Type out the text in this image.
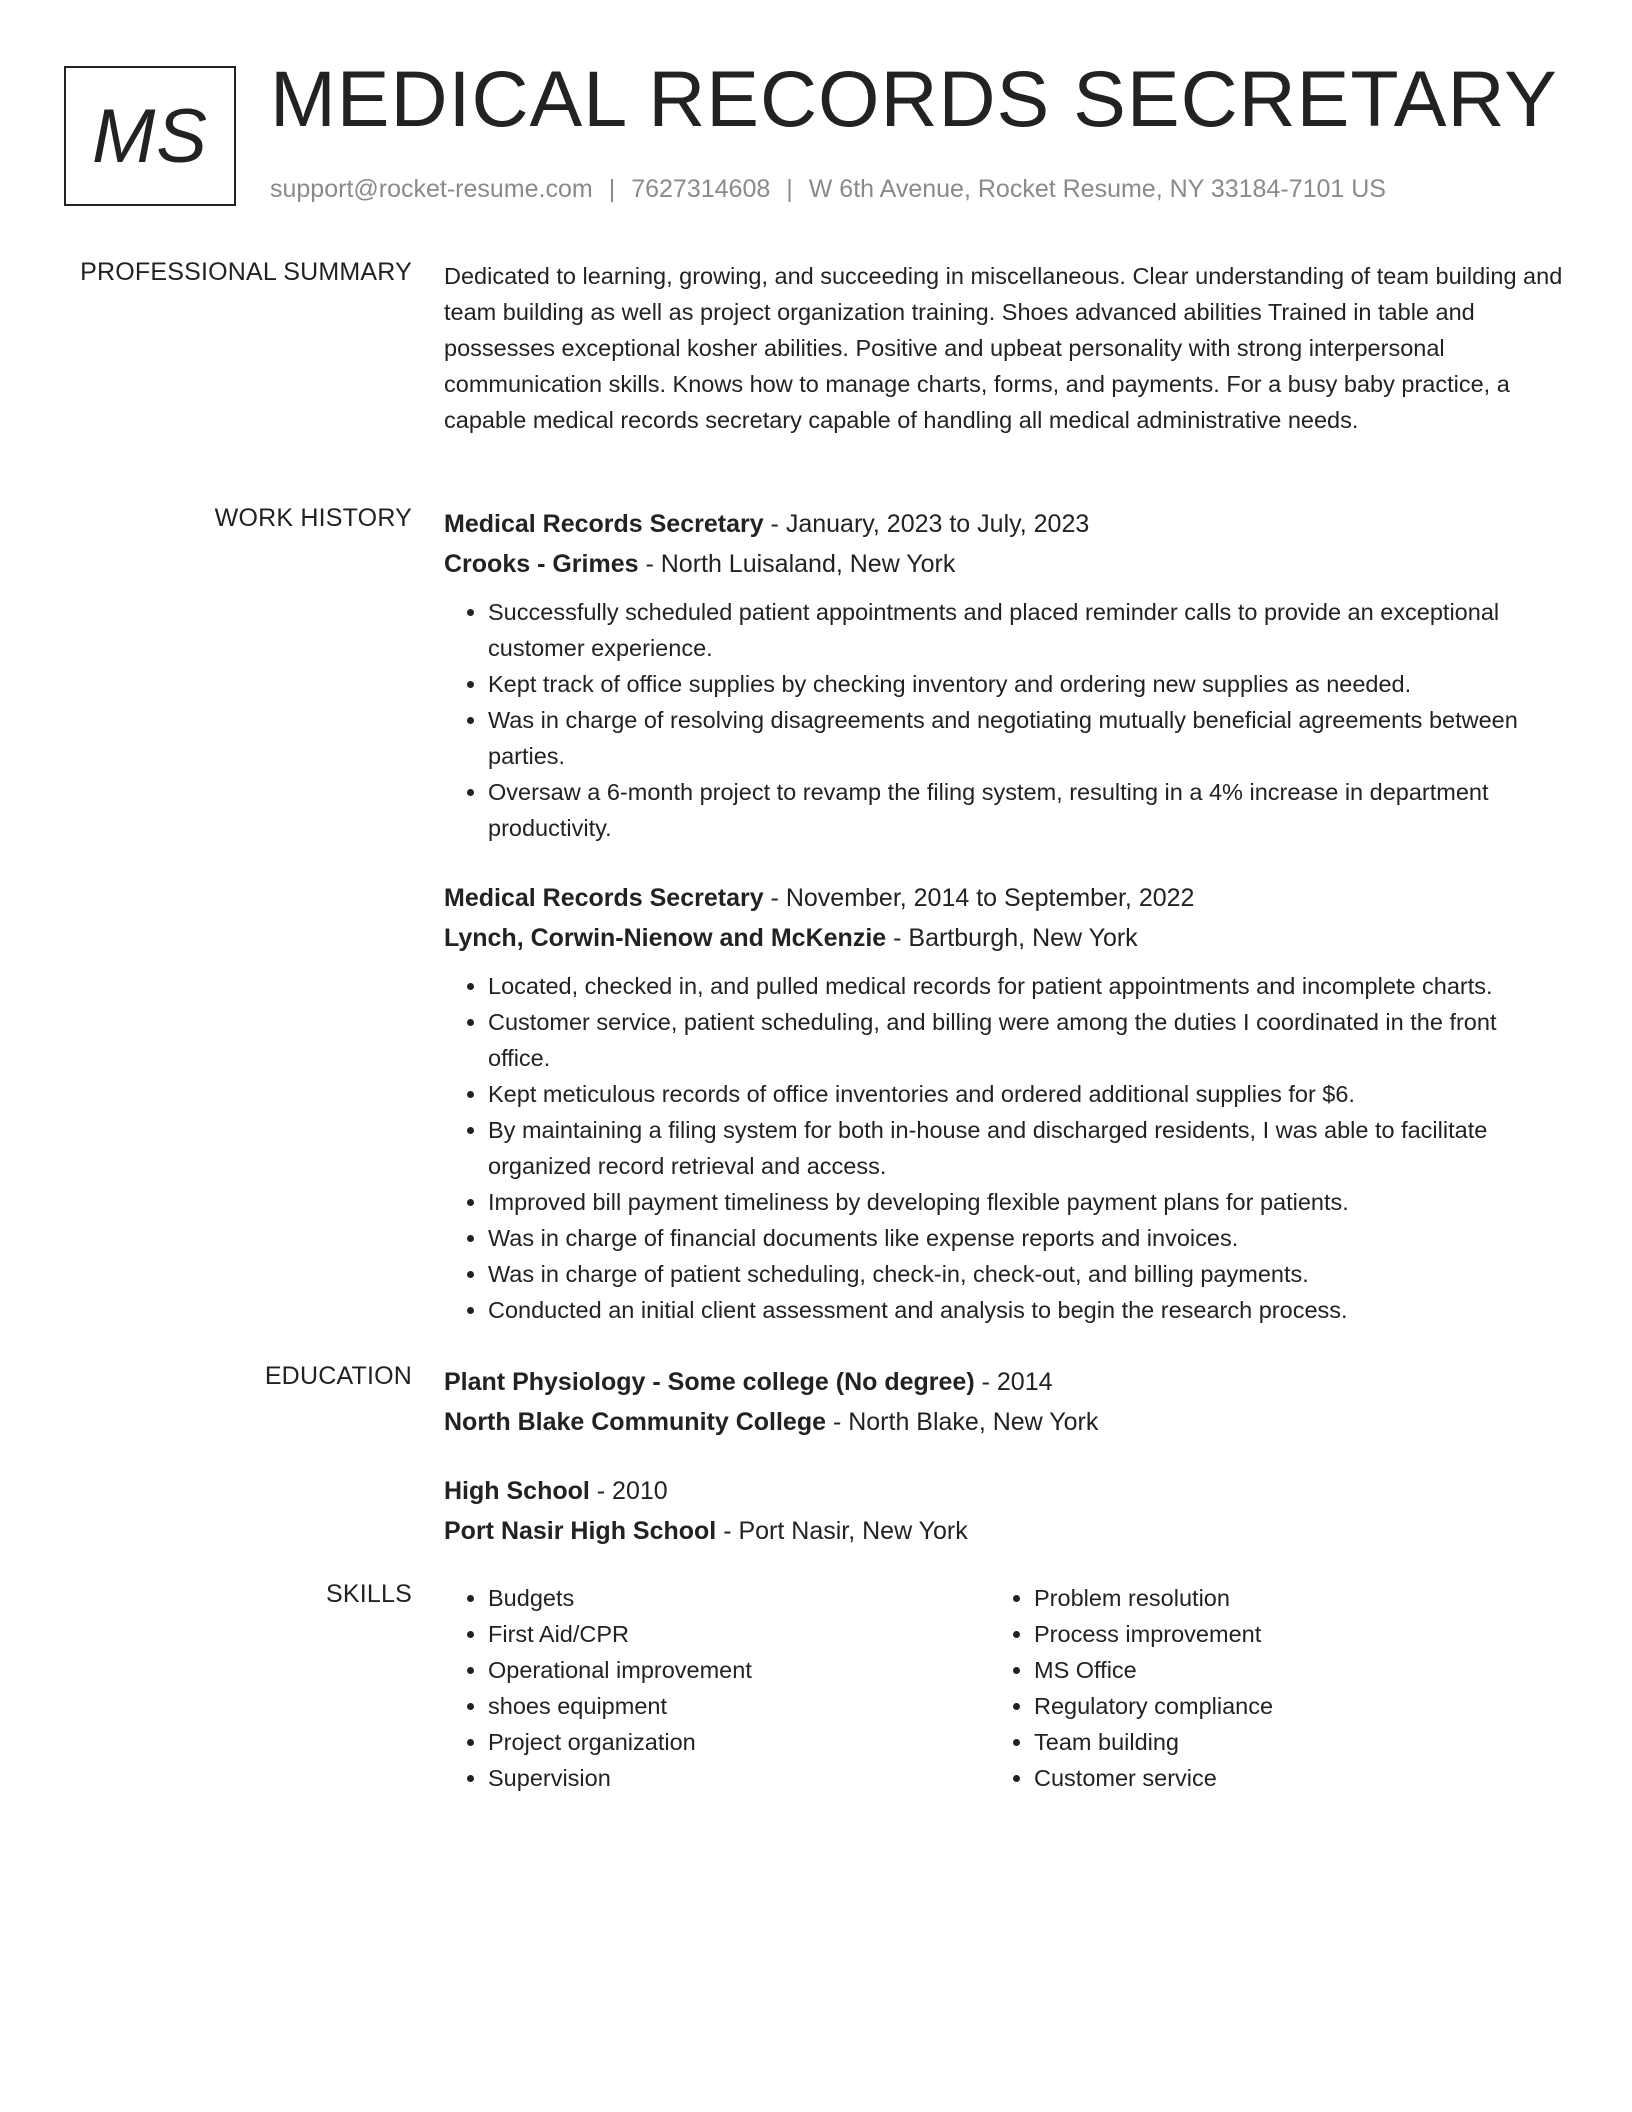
MS MEDICAL RECORDS SECRETARY
support@rocket-resume.com | 7627314608 | W 6th Avenue, Rocket Resume, NY 33184-7101 US
PROFESSIONAL SUMMARY Dedicated to learning, growing, and succeeding in miscellaneous. Clear understanding of team building and team building as well as project organization training. Shoes advanced abilities Trained in table and possesses exceptional kosher abilities. Positive and upbeat personality with strong interpersonal communication skills. Knows how to manage charts, forms, and payments. For a busy baby practice, a capable medical records secretary capable of handling all medical administrative needs.

WORK HISTORY Medical Records Secretary - January, 2023 to July, 2023
Crooks - Grimes - North Luisaland, New York
• Successfully scheduled patient appointments and placed reminder calls to provide an exceptional customer experience.
• Kept track of office supplies by checking inventory and ordering new supplies as needed.
• Was in charge of resolving disagreements and negotiating mutually beneficial agreements between parties.
• Oversaw a 6-month project to revamp the filing system, resulting in a 4% increase in department productivity.
Medical Records Secretary - November, 2014 to September, 2022
Lynch, Corwin-Nienow and McKenzie - Bartburgh, New York
• Located, checked in, and pulled medical records for patient appointments and incomplete charts.
• Customer service, patient scheduling, and billing were among the duties I coordinated in the front office.
• Kept meticulous records of office inventories and ordered additional supplies for $6.
• By maintaining a filing system for both in-house and discharged residents, I was able to facilitate organized record retrieval and access.
• Improved bill payment timeliness by developing flexible payment plans for patients.
• Was in charge of financial documents like expense reports and invoices.
• Was in charge of patient scheduling, check-in, check-out, and billing payments.
• Conducted an initial client assessment and analysis to begin the research process.
EDUCATION Plant Physiology - Some college (No degree) - 2014
North Blake Community College - North Blake, New York
High School - 2010
Port Nasir High School - Port Nasir, New York
SKILLS
•	Budgets
• First Aid/CPR
• Operational improvement
• shoes equipment
• Project organization
• Supervision
• Problem resolution
• Process improvement
• MS Office
• Regulatory compliance
• Team building
• Customer service
